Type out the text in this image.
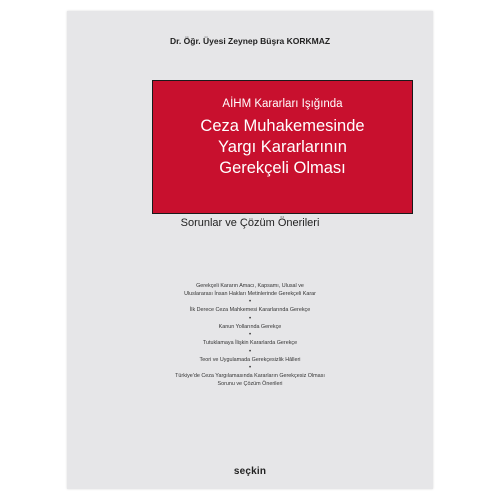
Dr. Öğr. Üyesi Zeynep Büşra KORKMAZ
AİHM Kararları Işığında
Ceza Muhakemesinde
Yargı Kararlarının
Gerekçeli Olması
Sorunlar ve Çözüm Önerileri
Gerekçeli Kararın Amacı, Kapsamı, Ulusal ve
Uluslararası İnsan Hakları Metinlerinde Gerekçeli Karar
•
İlk Derece Ceza Mahkemesi Kararlarında Gerekçe
•
Kanun Yollarında Gerekçe
•
Tutuklamaya İlişkin Kararlarda Gerekçe
•
Teori ve Uygulamada Gerekçesizlik Hâlleri
•
Türkiye'de Ceza Yargılamasında Kararların Gerekçesiz Olması
Sorunu ve Çözüm Önerileri
seçkin
